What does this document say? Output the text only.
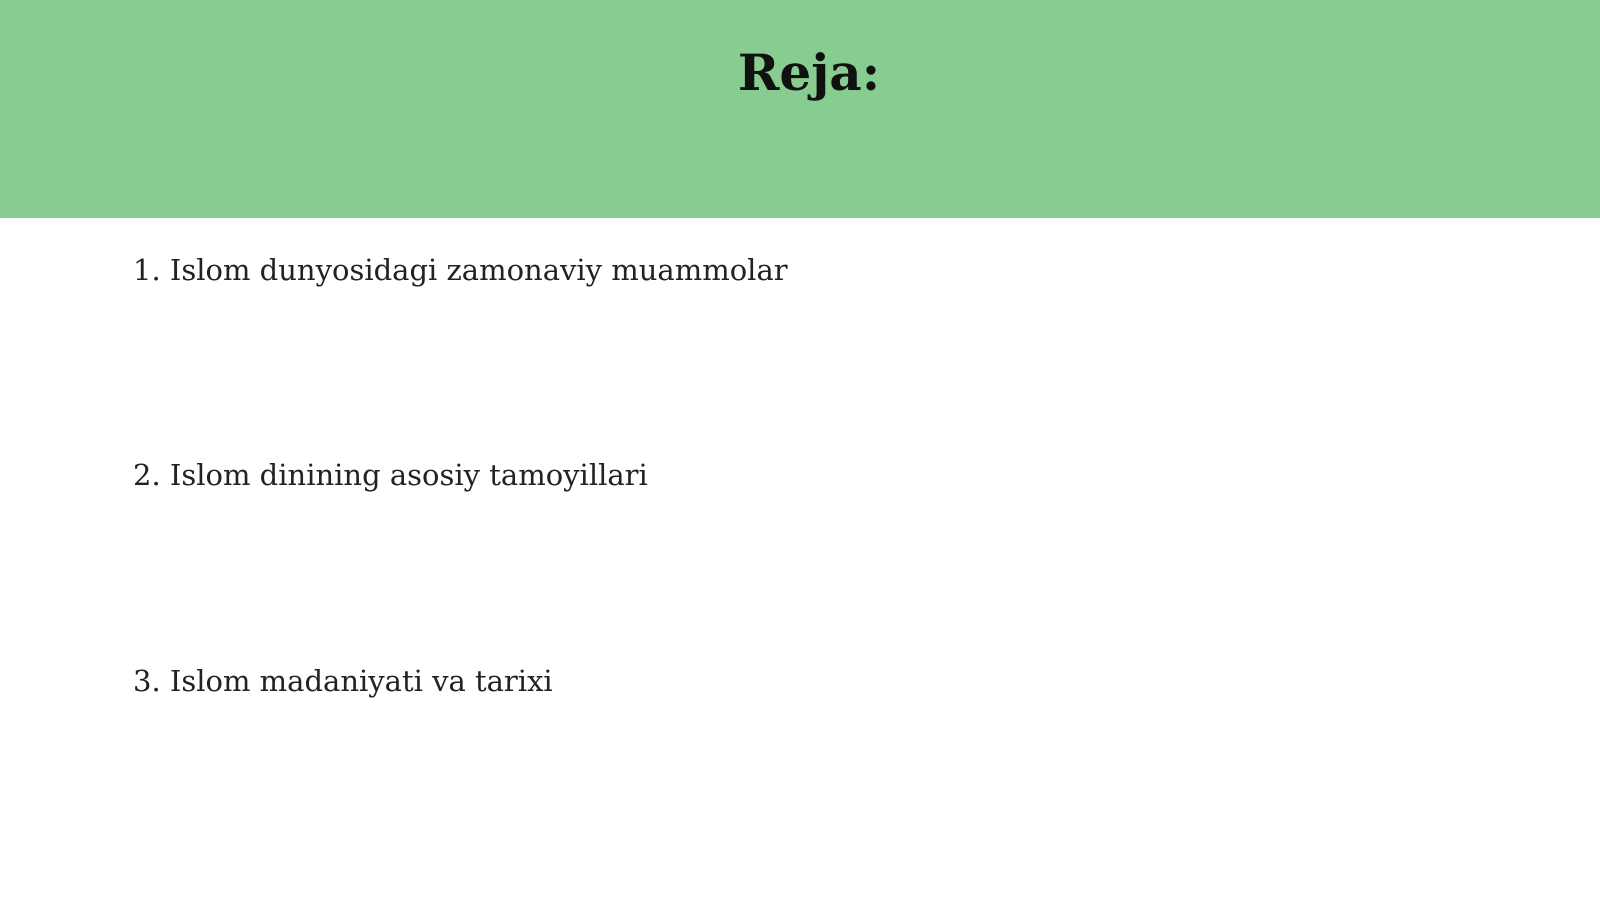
Reja:
1. Islom dunyosidagi zamonaviy muammolar
2. Islom dinining asosiy tamoyillari
3. Islom madaniyati va tarixi
